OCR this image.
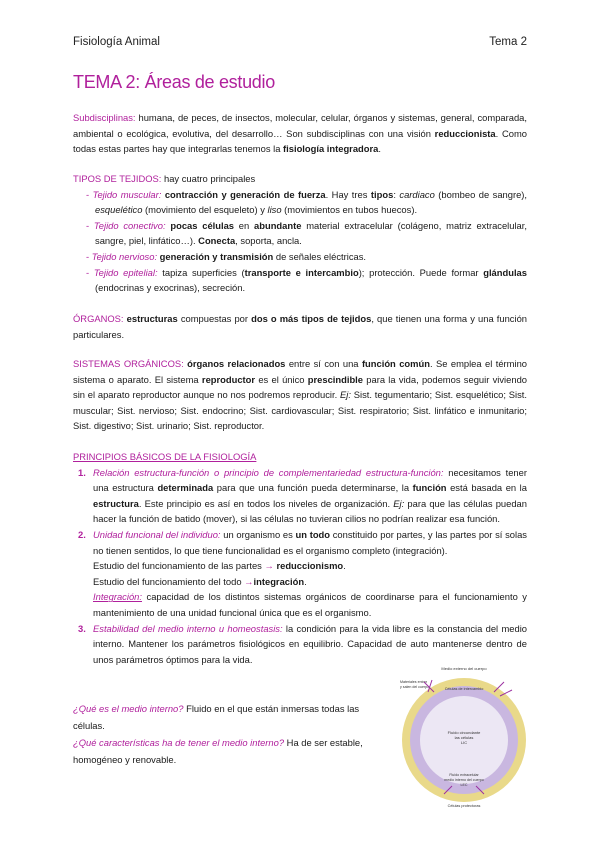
Fisiología Animal	Tema 2
TEMA 2: Áreas de estudio
Subdisciplinas: humana, de peces, de insectos, molecular, celular, órganos y sistemas, general, comparada, ambiental o ecológica, evolutiva, del desarrollo… Son subdisciplinas con una visión reduccionista. Como todas estas partes hay que integrarlas tenemos la fisiología integradora.
TIPOS DE TEJIDOS: hay cuatro principales
- Tejido muscular: contracción y generación de fuerza. Hay tres tipos: cardiaco (bombeo de sangre), esquelético (movimiento del esqueleto) y liso (movimientos en tubos huecos).
- Tejido conectivo: pocas células en abundante material extracelular (colágeno, matriz extracelular, sangre, piel, linfático…). Conecta, soporta, ancla.
- Tejido nervioso: generación y transmisión de señales eléctricas.
- Tejido epitelial: tapiza superficies (transporte e intercambio); protección. Puede formar glándulas (endocrinas y exocrinas), secreción.
ÓRGANOS: estructuras compuestas por dos o más tipos de tejidos, que tienen una forma y una función particulares.
SISTEMAS ORGÁNICOS: órganos relacionados entre sí con una función común. Se emplea el término sistema o aparato. El sistema reproductor es el único prescindible para la vida, podemos seguir viviendo sin el aparato reproductor aunque no nos podremos reproducir. Ej: Sist. tegumentario; Sist. esquelético; Sist. muscular; Sist. nervioso; Sist. endocrino; Sist. cardiovascular; Sist. respiratorio; Sist. linfático e inmunitario; Sist. digestivo; Sist. urinario; Sist. reproductor.
PRINCIPIOS BÁSICOS DE LA FISIOLOGÍA
1. Relación estructura-función o principio de complementariedad estructura-función: necesitamos tener una estructura determinada para que una función pueda determinarse, la función está basada en la estructura. Este principio es así en todos los niveles de organización. Ej: para que las células puedan hacer la función de batido (mover), si las células no tuvieran cilios no podrían realizar esa función.
2. Unidad funcional del individuo: un organismo es un todo constituido por partes, y las partes por sí solas no tienen sentidos, lo que tiene funcionalidad es el organismo completo (integración).
Estudio del funcionamiento de las partes → reduccionismo.
Estudio del funcionamiento del todo →integración.
Integración: capacidad de los distintos sistemas orgánicos de coordinarse para el funcionamiento y mantenimiento de una unidad funcional única que es el organismo.
3. Estabilidad del medio interno u homeostasis: la condición para la vida libre es la constancia del medio interno. Mantener los parámetros fisiológicos en equilibrio. Capacidad de auto mantenerse dentro de unos parámetros óptimos para la vida.
¿Qué es el medio interno? Fluido en el que están inmersas todas las células.
¿Qué características ha de tener el medio interno? Ha de ser estable, homogéneo y renovable.
Medio externo del cuerpo
Materiales entrar
y salen del cuerpo	Células de intercambio
Fluido circundante
las células
LIC
Fluido extracelular
medio interno del cuerpo
LEC
Células protectoras
